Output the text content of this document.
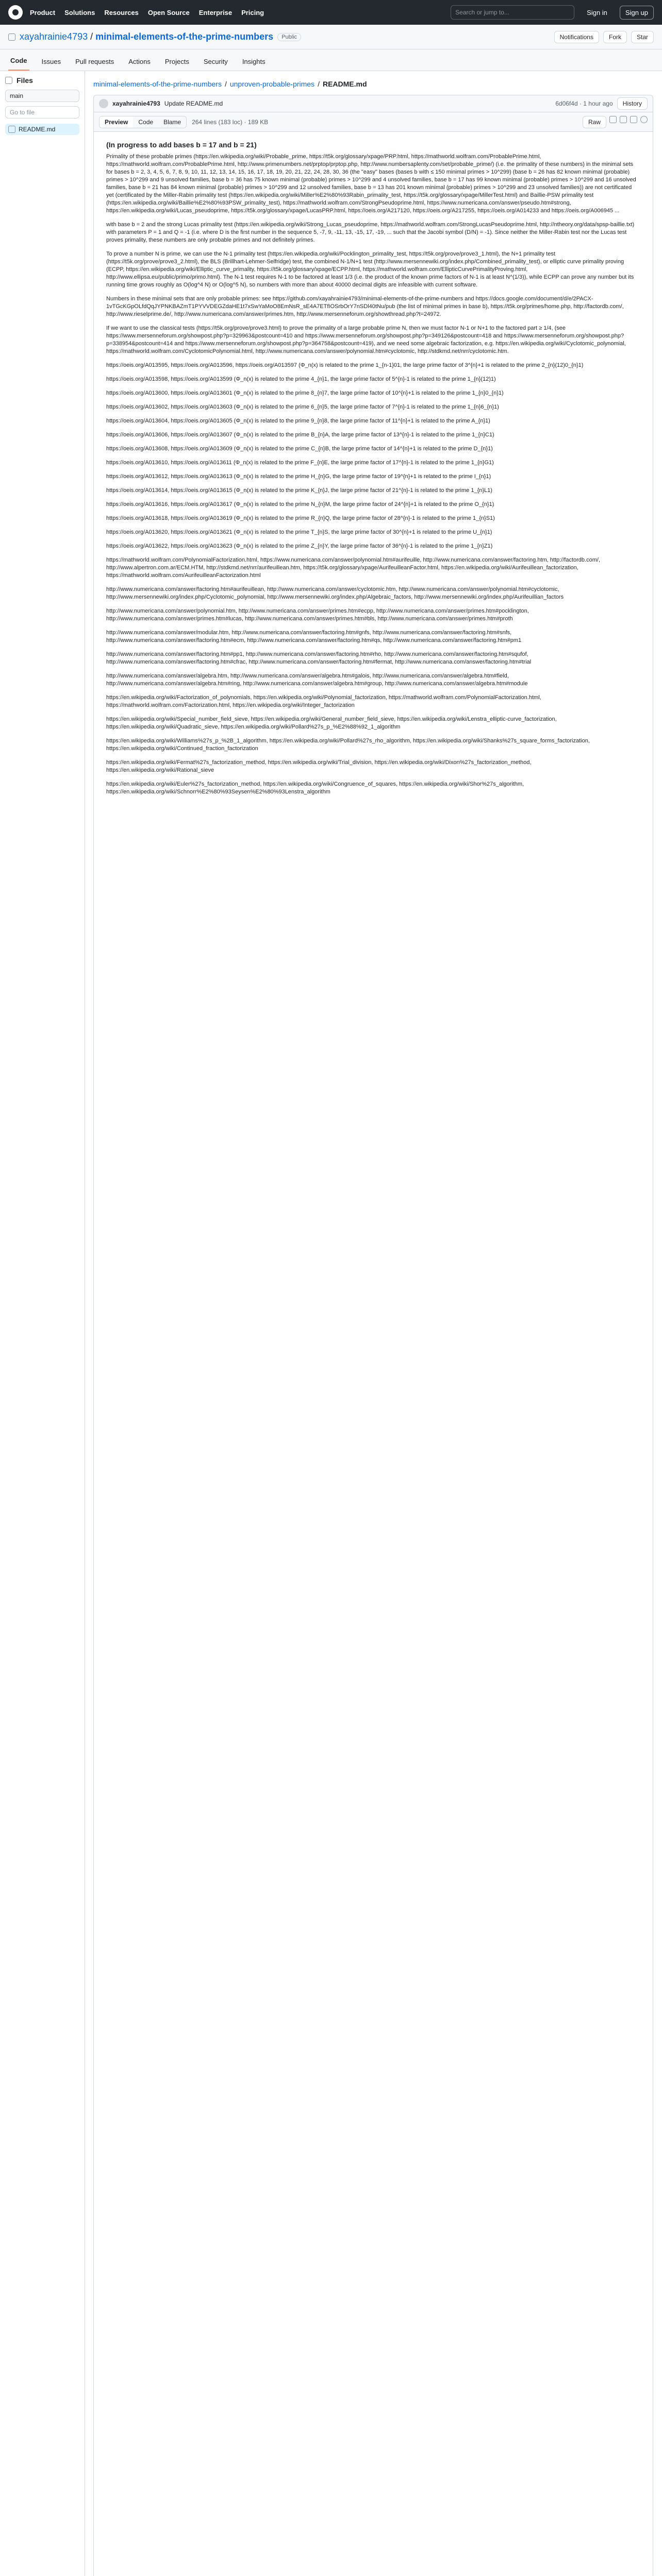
Product Solutions Resources Open Source Enterprise Pricing	Search or jump to...	Sign in	Sign up
xayahrainie4793 / minimal-elements-of-the-prime-numbers	Public	Notifications	Fork	Star
Code	Issues	Pull requests	Actions	Projects	Security	Insights
Files
main
Go to file
README.md
minimal-elements-of-the-prime-numbers / unproven-probable-primes / README.md
xayahrainie4793 Update README.md	6d06f4d · 1 hour ago	History
Preview	Code	Blame	264 lines (183 loc) · 189 KB	Raw
(In progress to add bases b = 17 and b = 21)

Primality of these probable primes (https://en.wikipedia.org/wiki/Probable_prime, https://t5k.org/glossary/xpage/PRP.html, https://mathworld.wolfram.com/ProbablePrime.html, https://mathworld.wolfram.com/ProbablePrime.html, http://www.primenumbers.net/prptop/prptop.php, http://www.numbersaplenty.com/set/probable_prime/) (i.e. the primality of these numbers) in the minimal sets for bases b = 2, 3, 4, 5, 6, 7, 8, 9, 10, 11, 12, 13, 14, 15, 16, 17, 18, 19, 20, 21, 22, 24, 28, 30, 36 (the "easy" bases (bases b with ≤ 150 minimal primes > 10^299) (base b = 26 has 82 known minimal (probable) primes > 10^299 and 9 unsolved families, base b = 36 has 75 known minimal (probable) primes > 10^299 and 4 unsolved families, base b = 17 has 99 known minimal (probable) primes > 10^299 and 16 unsolved families, base b = 21 has 84 known minimal (probable) primes > 10^299 and 12 unsolved families, base b = 13 has 201 known minimal (probable) primes > 10^299 and 23 unsolved families)) are not certificated yet (certificated by the Miller-Rabin primality test (https://en.wikipedia.org/wiki/Miller%E2%80%93Rabin_primality_test, https://t5k.org/glossary/xpage/MillerTest.html) and Baillie-PSW primality test (https://en.wikipedia.org/wiki/Baillie%E2%80%93PSW_primality_test), https://mathworld.wolfram.com/StrongPseudoprime.html, https://www.numericana.com/answer/pseudo.htm#strong, https://en.wikipedia.org/wiki/Lucas_pseudoprime, https://t5k.org/glossary/xpage/LucasPRP.html, https://oeis.org/A217120, https://oeis.org/A217255, https://oeis.org/A014233 and https://oeis.org/A006945 ...

with base b = 2 and the strong Lucas primality test (https://en.wikipedia.org/wiki/Strong_Lucas_pseudoprime, https://mathworld.wolfram.com/StrongLucasPseudoprime.html, http://ntheory.org/data/spsp-baillie.txt) with parameters P = 1 and Q = -1 (i.e. where D is the first number in the sequence 5, -7, 9, -11, 13, -15, 17, -19, ... such that the Jacobi symbol (D/N) = -1). Since neither the Miller-Rabin test nor the Lucas test proves primality, these numbers are only probable primes and not definitely primes.

To prove a number N is prime, we can use the N-1 primality test (https://en.wikipedia.org/wiki/Pocklington_primality_test, https://t5k.org/prove/prove3_1.html), the N+1 primality test (https://t5k.org/prove/prove3_2.html), the BLS (Brillhart-Lehmer-Selfridge) test, the combined N-1/N+1 test (http://www.mersennewiki.org/index.php/Combined_primality_test), or elliptic curve primality proving (ECPP, https://en.wikipedia.org/wiki/Elliptic_curve_primality, https://t5k.org/glossary/xpage/ECPP.html, https://mathworld.wolfram.com/EllipticCurvePrimalityProving.html, http://www.ellipsa.eu/public/primo/primo.html). The N-1 test requires N-1 to be factored at least 1/3 (i.e. the product of the known prime factors of N-1 is at least N^(1/3)), while ECPP can prove any number but its running time grows roughly as O(log^4 N) or O(log^5 N), so numbers with more than about 40000 decimal digits are infeasible with current software.

Numbers in these minimal sets that are only probable primes: see https://github.com/xayahrainie4793/minimal-elements-of-the-prime-numbers and https://docs.google.com/document/d/e/2PACX-1vTGcKGpOLfdQqJYPNKBAZmT1PYVVDEGZdaHE1t7xSwYaMoO8EmNsR_sE4A7ETfIOSrbOrY7nSDl40tNu/pub (the list of minimal primes in base b), https://t5k.org/primes/home.php, http://factordb.com/, http://www.rieselprime.de/, http://www.numericana.com/answer/primes.htm, http://www.mersenneforum.org/showthread.php?t=24972.

If we want to use the classical tests (https://t5k.org/prove/prove3.html) to prove the primality of a large probable prime N, then we must factor N-1 or N+1 to the factored part ≥ 1/4, (see https://www.mersenneforum.org/showpost.php?p=329963&postcount=410 and https://www.mersenneforum.org/showpost.php?p=349126&postcount=418 and https://www.mersenneforum.org/showpost.php?p=338954&postcount=414 and https://www.mersenneforum.org/showpost.php?p=364758&postcount=419), and we need some algebraic factorization, e.g. https://en.wikipedia.org/wiki/Cyclotomic_polynomial, https://mathworld.wolfram.com/CyclotomicPolynomial.html, http://www.numericana.com/answer/polynomial.htm#cyclotomic, http://stdkmd.net/nrr/cyclotomic.htm.

https://oeis.org/A013595, https://oeis.org/A013596, https://oeis.org/A013597 (Φ_n(x) is related to the prime 1_{n-1}01, the large prime factor of 3^{n}+1 is related to the prime 2_{n}(12)0_{n}1)

https://oeis.org/A013598, https://oeis.org/A013599 (Φ_n(x) is related to the prime 4_{n}1, the large prime factor of 5^{n}-1 is related to the prime 1_{n}(12)1)

https://oeis.org/A013600, https://oeis.org/A013601 (Φ_n(x) is related to the prime 8_{n}7, the large prime factor of 10^{n}+1 is related to the prime 1_{n}0_{n}1)

https://oeis.org/A013602, https://oeis.org/A013603 (Φ_n(x) is related to the prime 6_{n}5, the large prime factor of 7^{n}-1 is related to the prime 1_{n}6_{n}1)

https://oeis.org/A013604, https://oeis.org/A013605 (Φ_n(x) is related to the prime 9_{n}8, the large prime factor of 11^{n}+1 is related to the prime A_{n}1)

https://oeis.org/A013606, https://oeis.org/A013607 (Φ_n(x) is related to the prime B_{n}A, the large prime factor of 13^{n}-1 is related to the prime 1_{n}C1)

https://oeis.org/A013608, https://oeis.org/A013609 (Φ_n(x) is related to the prime C_{n}B, the large prime factor of 14^{n}+1 is related to the prime D_{n}1)

https://oeis.org/A013610, https://oeis.org/A013611 (Φ_n(x) is related to the prime F_{n}E, the large prime factor of 17^{n}-1 is related to the prime 1_{n}G1)

https://oeis.org/A013612, https://oeis.org/A013613 (Φ_n(x) is related to the prime H_{n}G, the large prime factor of 19^{n}+1 is related to the prime I_{n}1)

https://oeis.org/A013614, https://oeis.org/A013615 (Φ_n(x) is related to the prime K_{n}J, the large prime factor of 21^{n}-1 is related to the prime 1_{n}L1)

https://oeis.org/A013616, https://oeis.org/A013617 (Φ_n(x) is related to the prime N_{n}M, the large prime factor of 24^{n}+1 is related to the prime O_{n}1)

https://oeis.org/A013618, https://oeis.org/A013619 (Φ_n(x) is related to the prime R_{n}Q, the large prime factor of 28^{n}-1 is related to the prime 1_{n}S1)

https://oeis.org/A013620, https://oeis.org/A013621 (Φ_n(x) is related to the prime T_{n}S, the large prime factor of 30^{n}+1 is related to the prime U_{n}1)

https://oeis.org/A013622, https://oeis.org/A013623 (Φ_n(x) is related to the prime Z_{n}Y, the large prime factor of 36^{n}-1 is related to the prime 1_{n}Z1)

https://mathworld.wolfram.com/PolynomialFactorization.html, https://www.numericana.com/answer/polynomial.htm#aurifeuille, http://www.numericana.com/answer/factoring.htm, http://factordb.com/, http://www.alpertron.com.ar/ECM.HTM, http://stdkmd.net/nrr/aurifeuillean.htm, https://t5k.org/glossary/xpage/AurifeuilleanFactor.html, https://en.wikipedia.org/wiki/Aurifeuillean_factorization, https://mathworld.wolfram.com/AurifeuilleanFactorization.html

http://www.numericana.com/answer/factoring.htm#aurifeuillean, http://www.numericana.com/answer/cyclotomic.htm, http://www.numericana.com/answer/polynomial.htm#cyclotomic, http://www.mersennewiki.org/index.php/Cyclotomic_polynomial, http://www.mersennewiki.org/index.php/Algebraic_factors, http://www.mersennewiki.org/index.php/Aurifeuillian_factors

http://www.numericana.com/answer/polynomial.htm, http://www.numericana.com/answer/primes.htm#ecpp, http://www.numericana.com/answer/primes.htm#pocklington, http://www.numericana.com/answer/primes.htm#lucas, http://www.numericana.com/answer/primes.htm#bls, http://www.numericana.com/answer/primes.htm#proth

http://www.numericana.com/answer/modular.htm, http://www.numericana.com/answer/factoring.htm#gnfs, http://www.numericana.com/answer/factoring.htm#snfs, http://www.numericana.com/answer/factoring.htm#ecm, http://www.numericana.com/answer/factoring.htm#qs, http://www.numericana.com/answer/factoring.htm#pm1

http://www.numericana.com/answer/factoring.htm#pp1, http://www.numericana.com/answer/factoring.htm#rho, http://www.numericana.com/answer/factoring.htm#squfof, http://www.numericana.com/answer/factoring.htm#cfrac, http://www.numericana.com/answer/factoring.htm#fermat, http://www.numericana.com/answer/factoring.htm#trial

http://www.numericana.com/answer/algebra.htm, http://www.numericana.com/answer/algebra.htm#galois, http://www.numericana.com/answer/algebra.htm#field, http://www.numericana.com/answer/algebra.htm#ring, http://www.numericana.com/answer/algebra.htm#group, http://www.numericana.com/answer/algebra.htm#module

https://en.wikipedia.org/wiki/Factorization_of_polynomials, https://en.wikipedia.org/wiki/Polynomial_factorization, https://mathworld.wolfram.com/PolynomialFactorization.html, https://mathworld.wolfram.com/Factorization.html, https://en.wikipedia.org/wiki/Integer_factorization

https://en.wikipedia.org/wiki/Special_number_field_sieve, https://en.wikipedia.org/wiki/General_number_field_sieve, https://en.wikipedia.org/wiki/Lenstra_elliptic-curve_factorization, https://en.wikipedia.org/wiki/Quadratic_sieve, https://en.wikipedia.org/wiki/Pollard%27s_p_%E2%88%92_1_algorithm

https://en.wikipedia.org/wiki/Williams%27s_p_%2B_1_algorithm, https://en.wikipedia.org/wiki/Pollard%27s_rho_algorithm, https://en.wikipedia.org/wiki/Shanks%27s_square_forms_factorization, https://en.wikipedia.org/wiki/Continued_fraction_factorization

https://en.wikipedia.org/wiki/Fermat%27s_factorization_method, https://en.wikipedia.org/wiki/Trial_division, https://en.wikipedia.org/wiki/Dixon%27s_factorization_method, https://en.wikipedia.org/wiki/Rational_sieve

https://en.wikipedia.org/wiki/Euler%27s_factorization_method, https://en.wikipedia.org/wiki/Congruence_of_squares, https://en.wikipedia.org/wiki/Shor%27s_algorithm, https://en.wikipedia.org/wiki/Schnorr%E2%80%93Seysen%E2%80%93Lenstra_algorithm
